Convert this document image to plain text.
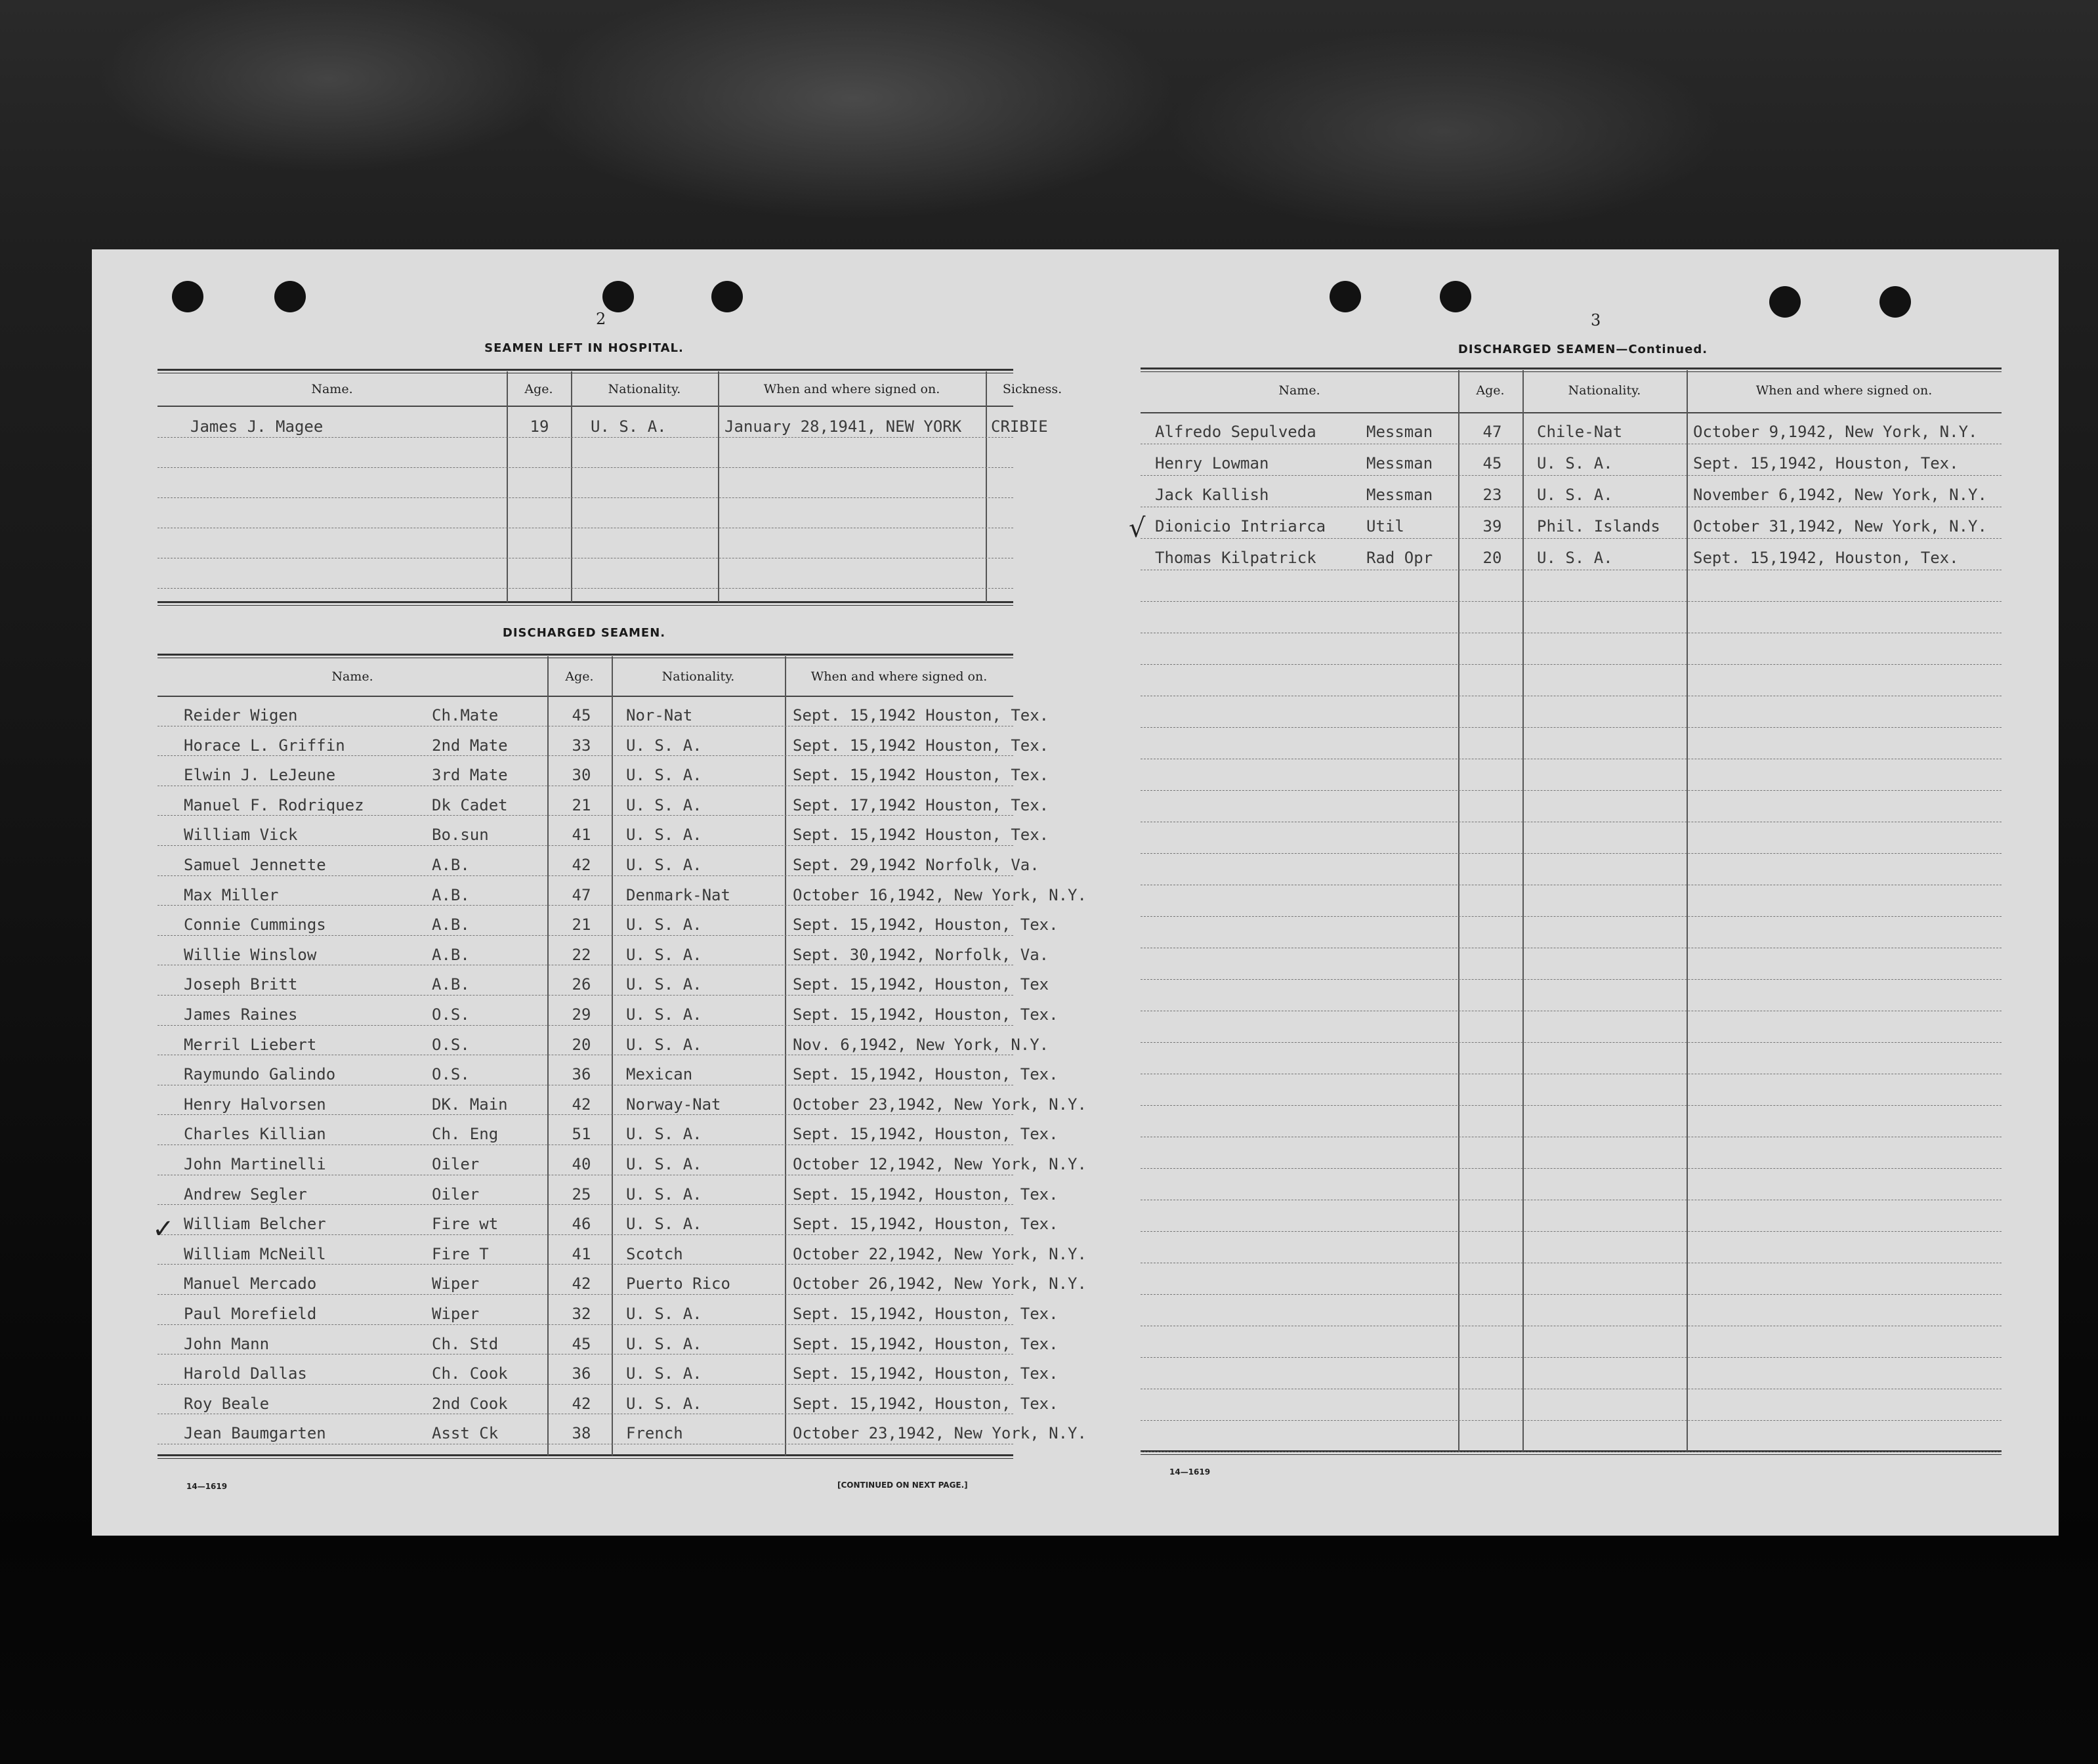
2
SEAMEN LEFT IN HOSPITAL.
Name.	Age.	Nationality.	When and where signed on.	Sickness.
James J. Magee	19	U. S. A.	January 28,1941, NEW YORK	CRIBIE
DISCHARGED SEAMEN.
Name.	Age.	Nationality.	When and where signed on.
Reider Wigen	Ch.Mate	45	Nor-Nat	Sept. 15,1942 Houston, Tex.
Horace L. Griffin	2nd Mate	33	U. S. A.	Sept. 15,1942 Houston, Tex.
Elwin J. LeJeune	3rd Mate	30	U. S. A.	Sept. 15,1942 Houston, Tex.
Manuel F. Rodriquez	Dk Cadet	21	U. S. A.	Sept. 17,1942 Houston, Tex.
William Vick	Bo.sun	41	U. S. A.	Sept. 15,1942 Houston, Tex.
Samuel Jennette	A.B.	42	U. S. A.	Sept. 29,1942 Norfolk, Va.
Max Miller	A.B.	47	Denmark-Nat	October 16,1942, New York, N.Y.
Connie Cummings	A.B.	21	U. S. A.	Sept. 15,1942, Houston, Tex.
Willie Winslow	A.B.	22	U. S. A.	Sept. 30,1942, Norfolk, Va.
Joseph Britt	A.B.	26	U. S. A.	Sept. 15,1942, Houston, Tex
James Raines	O.S.	29	U. S. A.	Sept. 15,1942, Houston, Tex.
Merril Liebert	O.S.	20	U. S. A.	Nov. 6,1942, New York, N.Y.
Raymundo Galindo	O.S.	36	Mexican	Sept. 15,1942, Houston, Tex.
Henry Halvorsen	DK. Main	42	Norway-Nat	October 23,1942, New York, N.Y.
Charles Killian	Ch. Eng	51	U. S. A.	Sept. 15,1942, Houston, Tex.
John Martinelli	Oiler	40	U. S. A.	October 12,1942, New York, N.Y.
Andrew Segler	Oiler	25	U. S. A.	Sept. 15,1942, Houston, Tex.
William Belcher	Fire wt	46	U. S. A.	Sept. 15,1942, Houston, Tex.
William McNeill	Fire T	41	Scotch	October 22,1942, New York, N.Y.
Manuel Mercado	Wiper	42	Puerto Rico	October 26,1942, New York, N.Y.
Paul Morefield	Wiper	32	U. S. A.	Sept. 15,1942, Houston, Tex.
John Mann	Ch. Std	45	U. S. A.	Sept. 15,1942, Houston, Tex.
Harold Dallas	Ch. Cook	36	U. S. A.	Sept. 15,1942, Houston, Tex.
Roy Beale	2nd Cook	42	U. S. A.	Sept. 15,1942, Houston, Tex.
Jean Baumgarten	Asst Ck	38	French	October 23,1942, New York, N.Y.
14—1619	[CONTINUED ON NEXT PAGE.]
3
DISCHARGED SEAMEN—Continued.
Name.	Age.	Nationality.	When and where signed on.
Alfredo Sepulveda	Messman	47	Chile-Nat	October 9,1942, New York, N.Y.
Henry Lowman	Messman	45	U. S. A.	Sept. 15,1942, Houston, Tex.
Jack Kallish	Messman	23	U. S. A.	November 6,1942, New York, N.Y.
Dionicio Intriarca	Util	39	Phil. Islands	October 31,1942, New York, N.Y.
Thomas Kilpatrick	Rad Opr	20	U. S. A.	Sept. 15,1942, Houston, Tex.
14—1619
✓
√
